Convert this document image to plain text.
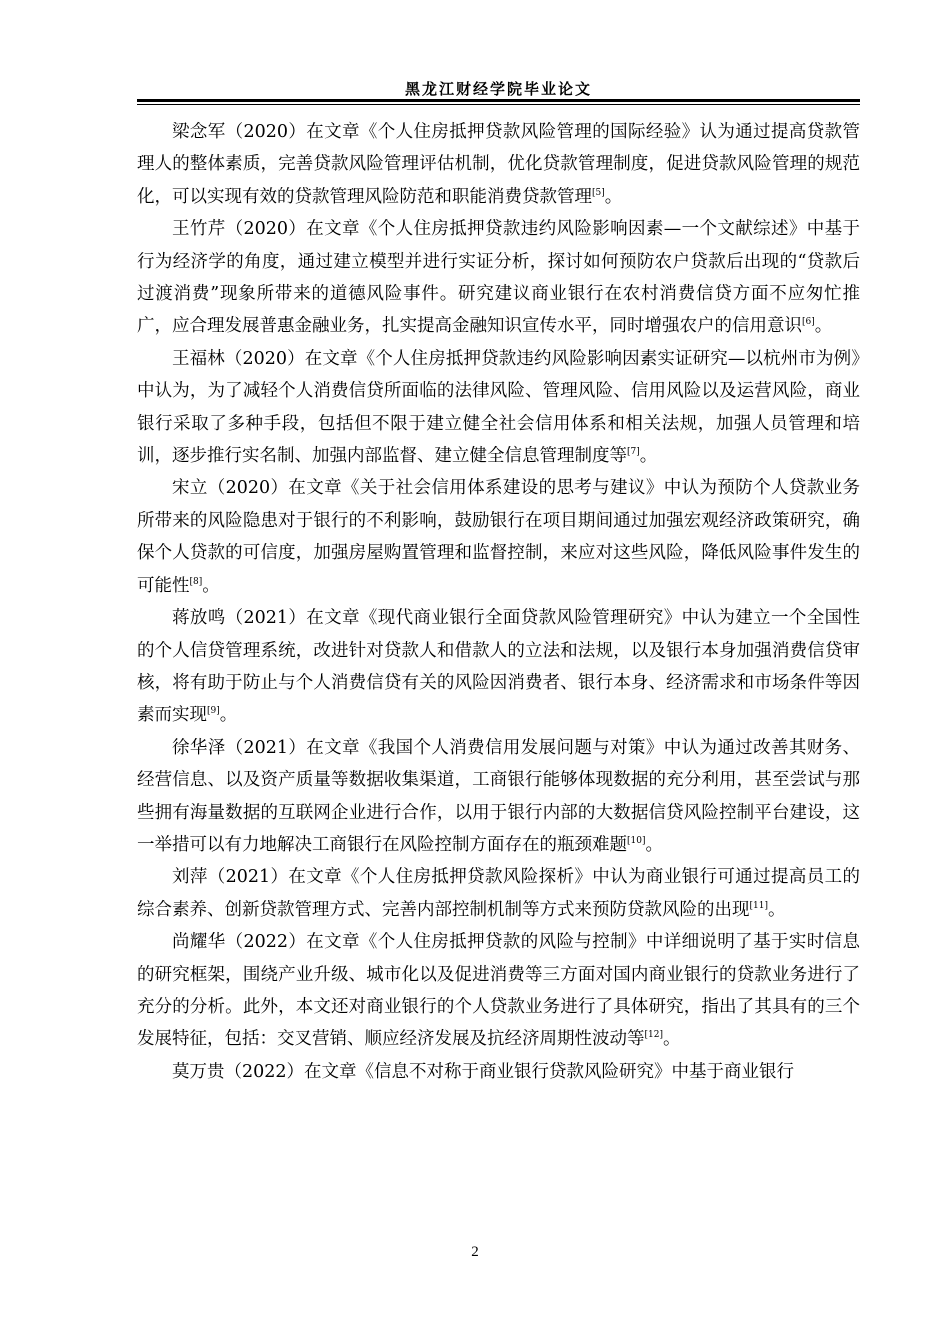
黑龙江财经学院毕业论文

梁念军（2020）在文章《个人住房抵押贷款风险管理的国际经验》认为通过提高贷款管理人的整体素质，完善贷款风险管理评估机制，优化贷款管理制度，促进贷款风险管理的规范化，可以实现有效的贷款管理风险防范和职能消费贷款管理[5]。

王竹芹（2020）在文章《个人住房抵押贷款违约风险影响因素—一个文献综述》中基于行为经济学的角度，通过建立模型并进行实证分析，探讨如何预防农户贷款后出现的“贷款后过渡消费”现象所带来的道德风险事件。研究建议商业银行在农村消费信贷方面不应匆忙推广，应合理发展普惠金融业务，扎实提高金融知识宣传水平，同时增强农户的信用意识[6]。

王福林（2020）在文章《个人住房抵押贷款违约风险影响因素实证研究—以杭州市为例》中认为，为了减轻个人消费信贷所面临的法律风险、管理风险、信用风险以及运营风险，商业银行采取了多种手段，包括但不限于建立健全社会信用体系和相关法规，加强人员管理和培训，逐步推行实名制、加强内部监督、建立健全信息管理制度等[7]。

宋立（2020）在文章《关于社会信用体系建设的思考与建议》中认为预防个人贷款业务所带来的风险隐患对于银行的不利影响，鼓励银行在项目期间通过加强宏观经济政策研究，确保个人贷款的可信度，加强房屋购置管理和监督控制，来应对这些风险，降低风险事件发生的可能性[8]。

蒋放鸣（2021）在文章《现代商业银行全面贷款风险管理研究》中认为建立一个全国性的个人信贷管理系统，改进针对贷款人和借款人的立法和法规，以及银行本身加强消费信贷审核，将有助于防止与个人消费信贷有关的风险因消费者、银行本身、经济需求和市场条件等因素而实现[9]。

徐华泽（2021）在文章《我国个人消费信用发展问题与对策》中认为通过改善其财务、经营信息、以及资产质量等数据收集渠道，工商银行能够体现数据的充分利用，甚至尝试与那些拥有海量数据的互联网企业进行合作，以用于银行内部的大数据信贷风险控制平台建设，这一举措可以有力地解决工商银行在风险控制方面存在的瓶颈难题[10]。

刘萍（2021）在文章《个人住房抵押贷款风险探析》中认为商业银行可通过提高员工的综合素养、创新贷款管理方式、完善内部控制机制等方式来预防贷款风险的出现[11]。

尚耀华（2022）在文章《个人住房抵押贷款的风险与控制》中详细说明了基于实时信息的研究框架，围绕产业升级、城市化以及促进消费等三方面对国内商业银行的贷款业务进行了充分的分析。此外，本文还对商业银行的个人贷款业务进行了具体研究，指出了其具有的三个发展特征，包括：交叉营销、顺应经济发展及抗经济周期性波动等[12]。

莫万贵（2022）在文章《信息不对称于商业银行贷款风险研究》中基于商业银行

2
